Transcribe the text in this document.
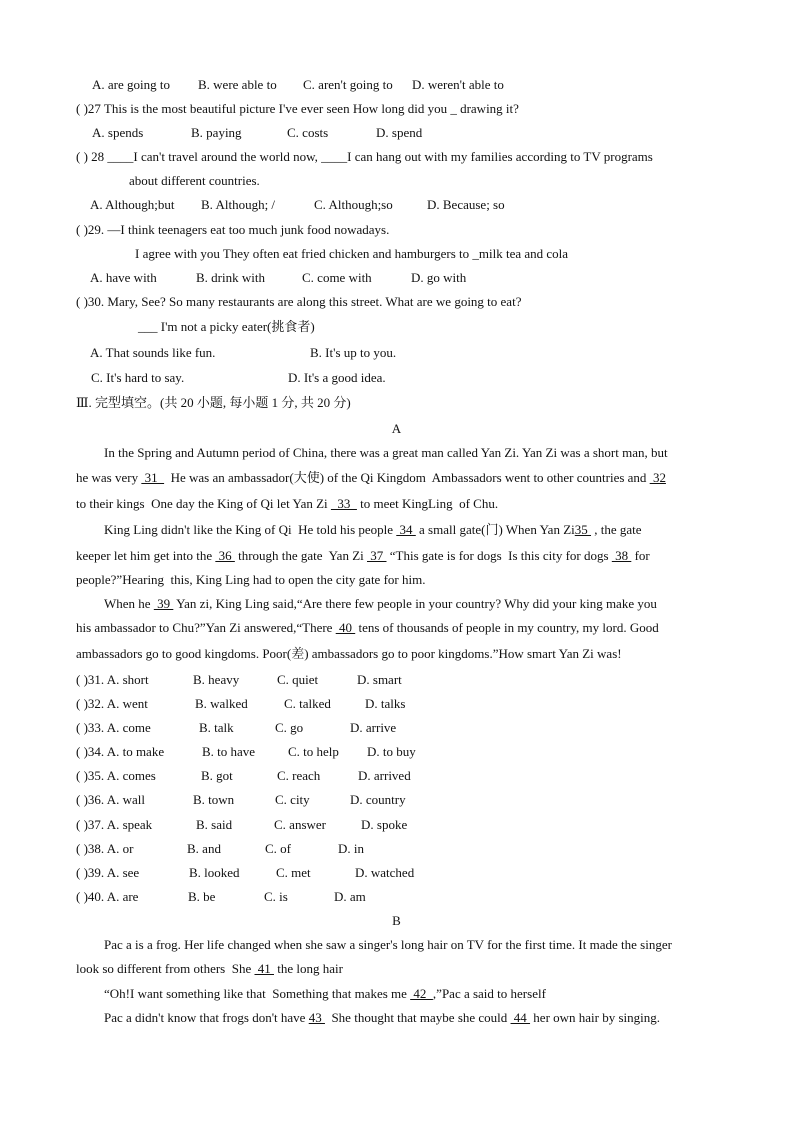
A. are going to B. were able to C. aren't going to D. weren't able to
( )27 This is the most beautiful picture I've ever seen How long did you _ drawing it?
A. spends	B. paying	C. costs	D. spend
( ) 28 ____I can't travel around the world now, ____I can hang out with my families according to TV programs
about different countries.
A. Although;but B. Although; /	C. Although;so	D. Because; so
( )29. —I think teenagers eat too much junk food nowadays.
I agree with you They often eat fried chicken and hamburgers to _milk tea and cola
A. have with	B. drink with	C. come with	D. go with
( )30. Mary, See? So many restaurants are along this street. What are we going to eat?
___ I'm not a picky eater(挑食者)
A. That sounds like fun.	B. It's up to you.
C. It's hard to say.	D. It's a good idea.
Ⅲ. 完型填空。(共 20 小题, 每小题 1 分, 共 20 分)
A
In the Spring and Autumn period of China, there was a great man called Yan Zi. Yan Zi was a short man, but
he was very  31    He was an ambassador(大使) of the Qi Kingdom  Ambassadors went to other countries and  32
to their kings  One day the King of Qi let Yan Zi   33   to meet KingLing  of Chu.
King Ling didn't like the King of Qi  He told his people  34  a small gate(门) When Yan Zi35  , the gate
keeper let him get into the  36  through the gate  Yan Zi  37  “This gate is for dogs  Is this city for dogs  38  for
people?”Hearing  this, King Ling had to open the city gate for him.
When he  39  Yan zi, King Ling said,“Are there few people in your country? Why did your king make you
his ambassador to Chu?”Yan Zi answered,“There  40  tens of thousands of people in my country, my lord. Good
ambassadors go to good kingdoms. Poor(差) ambassadors go to poor kingdoms.”How smart Yan Zi was!
( )31. A. short	B. heavy	C. quiet	D. smart
( )32. A. went	B. walked	C. talked	D. talks
( )33. A. come	B. talk	C. go	D. arrive
( )34. A. to make	B. to have	C. to help D. to buy
( )35. A. comes	B. got	C. reach	D. arrived
( )36. A. wall	B. town	C. city	D. country
( )37. A. speak	B. said	C. answer	D. spoke
( )38. A. or	B. and	C. of	D. in
( )39. A. see	B. looked	C. met	D. watched
( )40. A. are	B. be	C. is	D. am
B
Pac a is a frog. Her life changed when she saw a singer's long hair on TV for the first time. It made the singer
look so different from others  She  41  the long hair
“Oh!I want something like that  Something that makes me  42  ,”Pac a said to herself
Pac a didn't know that frogs don't have 43   She thought that maybe she could  44  her own hair by singing.
